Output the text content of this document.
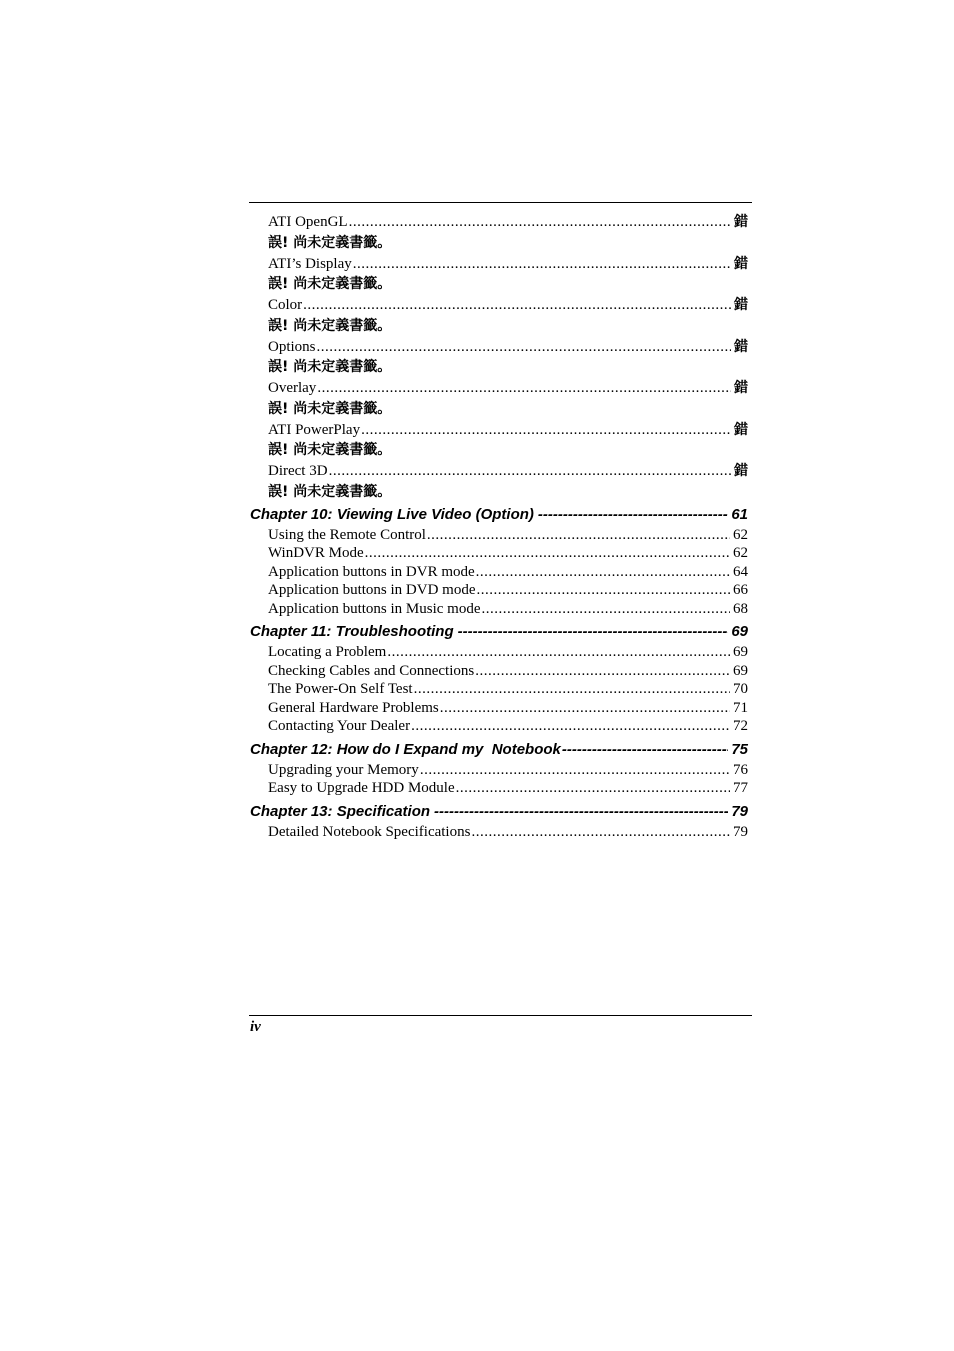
ATI OpenGL .....	錯
誤! 尚未定義書籤。
ATI’s Display .....	錯
誤! 尚未定義書籤。
Color .....	錯
誤! 尚未定義書籤。
Options .....	錯
誤! 尚未定義書籤。
Overlay .....	錯
誤! 尚未定義書籤。
ATI PowerPlay .....	錯
誤! 尚未定義書籤。
Direct 3D .....	錯
誤! 尚未定義書籤。
Chapter 10: Viewing Live Video (Option) -----	61
Using the Remote Control .....	62
WinDVR Mode .....	62
Application buttons in DVR mode .....	64
Application buttons in DVD mode .....	66
Application buttons in Music mode .....	68
Chapter 11: Troubleshooting -----	69
Locating a Problem .....	69
Checking Cables and Connections .....	69
The Power-On Self Test .....	70
General Hardware Problems .....	71
Contacting Your Dealer .....	72
Chapter 12: How do I Expand my  Notebook -----	75
Upgrading your Memory .....	76
Easy to Upgrade HDD Module .....	77
Chapter 13: Specification -----	79
Detailed Notebook Specifications .....	79
iv
